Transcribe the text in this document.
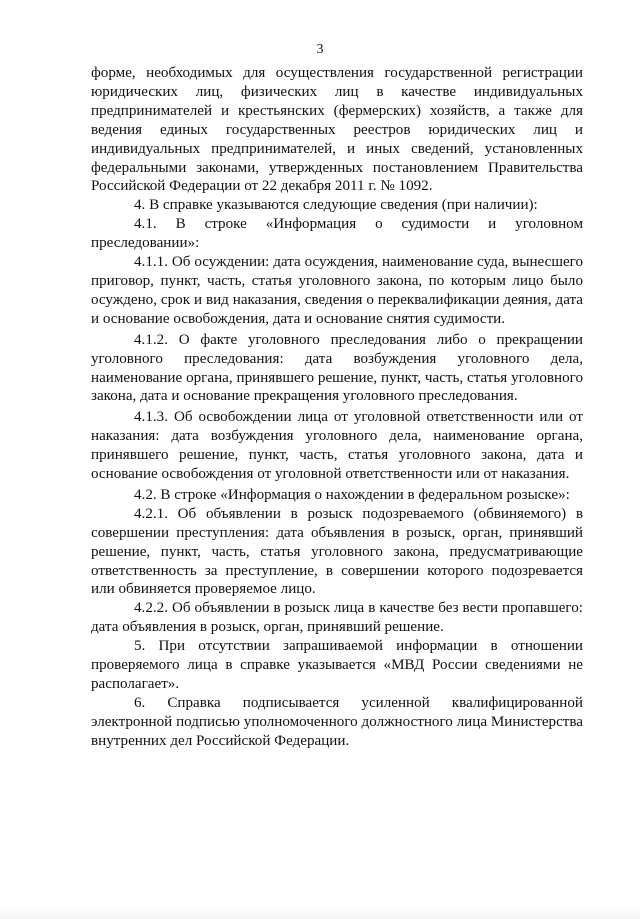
3

форме, необходимых для осуществления государственной регистрации юридических лиц, физических лиц в качестве индивидуальных предпринимателей и крестьянских (фермерских) хозяйств, а также для ведения единых государственных реестров юридических лиц и индивидуальных предпринимателей, и иных сведений, установленных федеральными законами, утвержденных постановлением Правительства Российской Федерации от 22 декабря 2011 г. № 1092.

4. В справке указываются следующие сведения (при наличии):

4.1. В строке «Информация о судимости и уголовном преследовании»:

4.1.1. Об осуждении: дата осуждения, наименование суда, вынесшего приговор, пункт, часть, статья уголовного закона, по которым лицо было осуждено, срок и вид наказания, сведения о переквалификации деяния, дата и основание освобождения, дата и основание снятия судимости.

4.1.2. О факте уголовного преследования либо о прекращении уголовного преследования: дата возбуждения уголовного дела, наименование органа, принявшего решение, пункт, часть, статья уголовного закона, дата и основание прекращения уголовного преследования.

4.1.3. Об освобождении лица от уголовной ответственности или от наказания: дата возбуждения уголовного дела, наименование органа, принявшего решение, пункт, часть, статья уголовного закона, дата и основание освобождения от уголовной ответственности или от наказания.

4.2. В строке «Информация о нахождении в федеральном розыске»:

4.2.1. Об объявлении в розыск подозреваемого (обвиняемого) в совершении преступления: дата объявления в розыск, орган, принявший решение, пункт, часть, статья уголовного закона, предусматривающие ответственность за преступление, в совершении которого подозревается или обвиняется проверяемое лицо.

4.2.2. Об объявлении в розыск лица в качестве без вести пропавшего: дата объявления в розыск, орган, принявший решение.

5. При отсутствии запрашиваемой информации в отношении проверяемого лица в справке указывается «МВД России сведениями не располагает».

6. Справка подписывается усиленной квалифицированной электронной подписью уполномоченного должностного лица Министерства внутренних дел Российской Федерации.
